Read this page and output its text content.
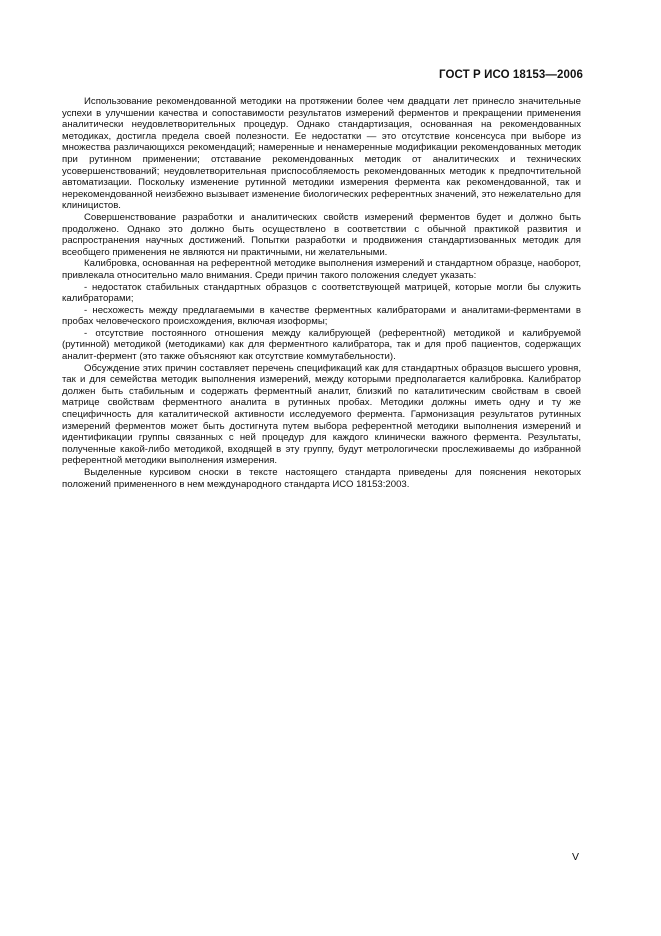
ГОСТ Р ИСО 18153—2006

Использование рекомендованной методики на протяжении более чем двадцати лет принесло значительные успехи в улучшении качества и сопоставимости результатов измерений ферментов и прекращении применения аналитически неудовлетворительных процедур. Однако стандартизация, основанная на рекомендованных методиках, достигла предела своей полезности. Ее недостатки — это отсутствие консенсуса при выборе из множества различающихся рекомендаций; намеренные и ненамеренные модификации рекомендованных методик при рутинном применении; отставание рекомендованных методик от аналитических и технических усовершенствований; неудовлетворительная приспособляемость рекомендованных методик к предпочтительной автоматизации. Поскольку изменение рутинной методики измерения фермента как рекомендованной, так и нерекомендованной неизбежно вызывает изменение биологических референтных значений, это нежелательно для клиницистов.

Совершенствование разработки и аналитических свойств измерений ферментов будет и должно быть продолжено. Однако это должно быть осуществлено в соответствии с обычной практикой развития и распространения научных достижений. Попытки разработки и продвижения стандартизованных методик для всеобщего применения не являются ни практичными, ни желательными.

Калибровка, основанная на референтной методике выполнения измерений и стандартном образце, наоборот, привлекала относительно мало внимания. Среди причин такого положения следует указать:

- недостаток стабильных стандартных образцов с соответствующей матрицей, которые могли бы служить калибраторами;

- несхожесть между предлагаемыми в качестве ферментных калибраторами и аналитами-ферментами в пробах человеческого происхождения, включая изоформы;

- отсутствие постоянного отношения между калибрующей (референтной) методикой и калибруемой (рутинной) методикой (методиками) как для ферментного калибратора, так и для проб пациентов, содержащих аналит-фермент (это также объясняют как отсутствие коммутабельности).

Обсуждение этих причин составляет перечень спецификаций как для стандартных образцов высшего уровня, так и для семейства методик выполнения измерений, между которыми предполагается калибровка. Калибратор должен быть стабильным и содержать ферментный аналит, близкий по каталитическим свойствам в своей матрице свойствам ферментного аналита в рутинных пробах. Методики должны иметь одну и ту же специфичность для каталитической активности исследуемого фермента. Гармонизация результатов рутинных измерений ферментов может быть достигнута путем выбора референтной методики выполнения измерений и идентификации группы связанных с ней процедур для каждого клинически важного фермента. Результаты, полученные какой-либо методикой, входящей в эту группу, будут метрологически прослеживаемы до избранной референтной методики выполнения измерения.

Выделенные курсивом сноски в тексте настоящего стандарта приведены для пояснения некоторых положений примененного в нем международного стандарта ИСО 18153:2003.

V
